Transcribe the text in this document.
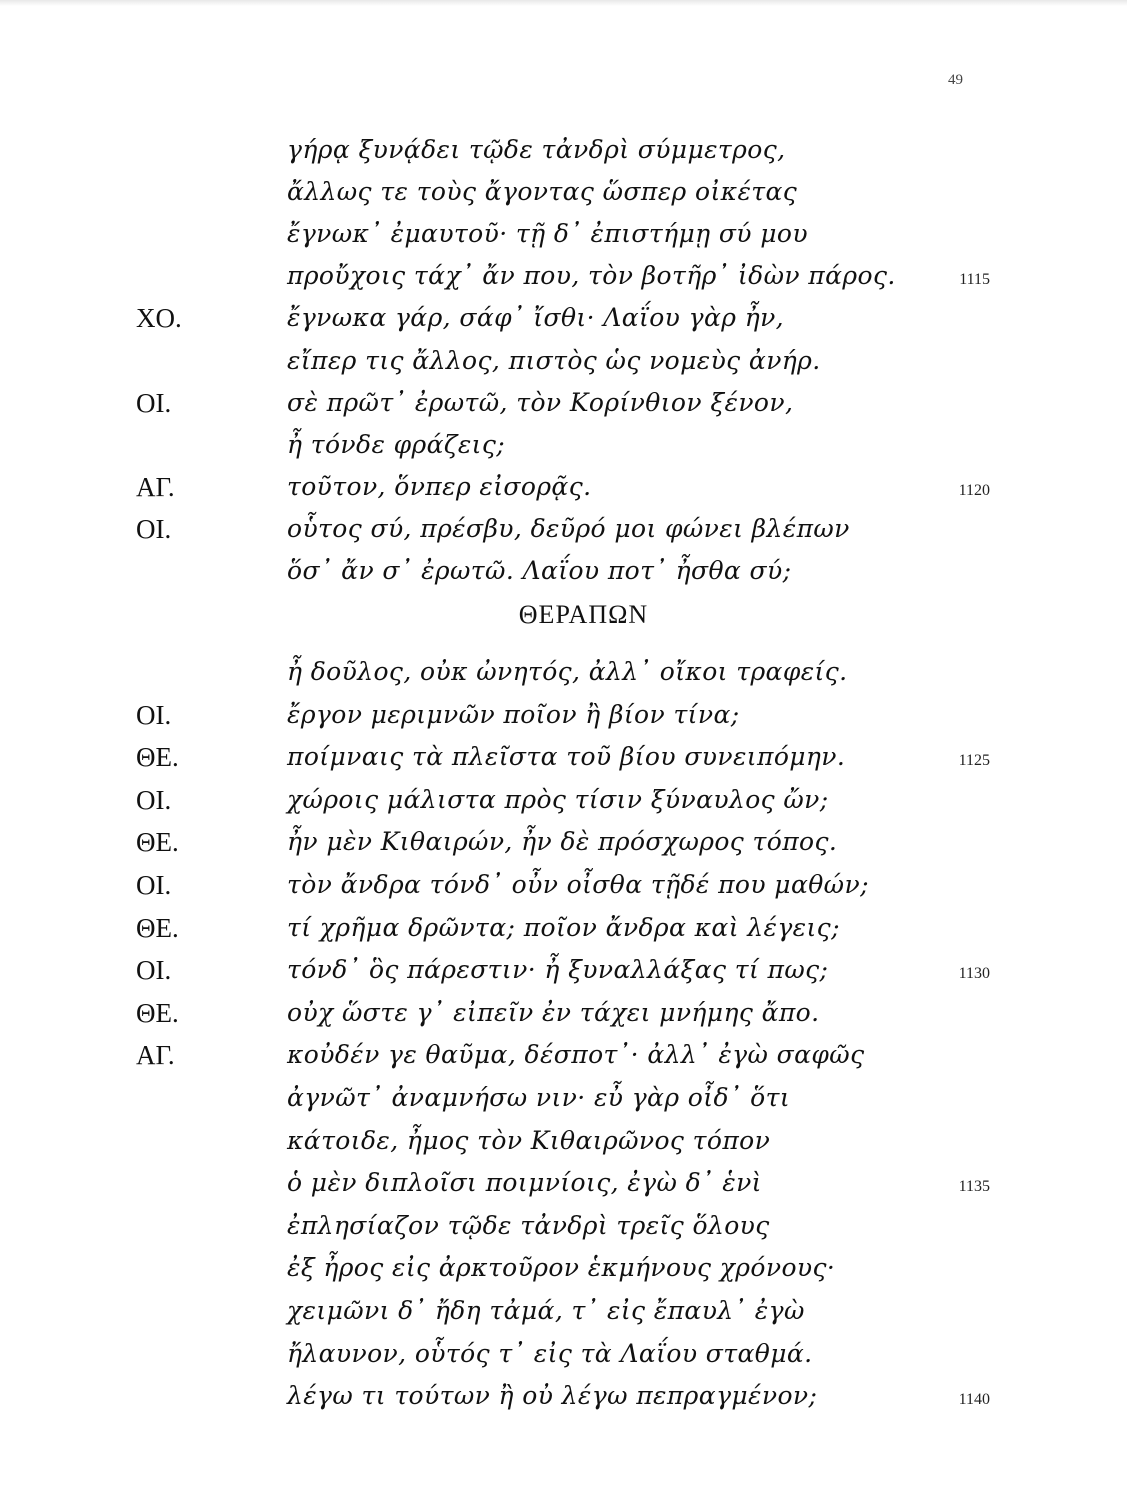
49
γήρᾳ ξυνᾴδει τῷδε τἀνδρὶ σύμμετρος,
ἄλλως τε τοὺς ἄγοντας ὥσπερ οἰκέτας
ἔγνωκ᾽ ἐμαυτοῦ· τῇ δ᾽ ἐπιστήμῃ σύ μου
προὔχοις τάχ᾽ ἄν που, τὸν βοτῆρ᾽ ἰδὼν πάρος.	1115
ΧΟ.	ἔγνωκα γάρ, σάφ᾽ ἴσθι· Λαΐου γὰρ ἦν,
εἴπερ τις ἄλλος, πιστὸς ὡς νομεὺς ἀνήρ.
ΟΙ.	σὲ πρῶτ᾽ ἐρωτῶ, τὸν Κορίνθιον ξένον,
ἦ τόνδε φράζεις;
ΑΓ.	τοῦτον, ὅνπερ εἰσορᾷς.	1120
ΟΙ.	οὗτος σύ, πρέσβυ, δεῦρό μοι φώνει βλέπων
ὅσ᾽ ἄν σ᾽ ἐρωτῶ. Λαΐου ποτ᾽ ἦσθα σύ;
ΘΕΡΑΠΩΝ
ἦ δοῦλος, οὐκ ὠνητός, ἀλλ᾽ οἴκοι τραφείς.
ΟΙ.	ἔργον μεριμνῶν ποῖον ἢ βίον τίνα;
ΘΕ.	ποίμναις τὰ πλεῖστα τοῦ βίου συνειπόμην.	1125
ΟΙ.	χώροις μάλιστα πρὸς τίσιν ξύναυλος ὤν;
ΘΕ.	ἦν μὲν Κιθαιρών, ἦν δὲ πρόσχωρος τόπος.
ΟΙ.	τὸν ἄνδρα τόνδ᾽ οὖν οἶσθα τῇδέ που μαθών;
ΘΕ.	τί χρῆμα δρῶντα; ποῖον ἄνδρα καὶ λέγεις;
ΟΙ.	τόνδ᾽ ὃς πάρεστιν· ἦ ξυναλλάξας τί πως;	1130
ΘΕ.	οὐχ ὥστε γ᾽ εἰπεῖν ἐν τάχει μνήμης ἄπο.
ΑΓ.	κοὐδέν γε θαῦμα, δέσποτ᾽· ἀλλ᾽ ἐγὼ σαφῶς
ἀγνῶτ᾽ ἀναμνήσω νιν· εὖ γὰρ οἶδ᾽ ὅτι
κάτοιδε, ἦμος τὸν Κιθαιρῶνος τόπον
ὁ μὲν διπλοῖσι ποιμνίοις, ἐγὼ δ᾽ ἑνὶ	1135
ἐπλησίαζον τῷδε τἀνδρὶ τρεῖς ὅλους
ἐξ ἦρος εἰς ἀρκτοῦρον ἑκμήνους χρόνους·
χειμῶνι δ᾽ ἤδη τἀμά, τ᾽ εἰς ἔπαυλ᾽ ἐγὼ
ἤλαυνον, οὗτός τ᾽ εἰς τὰ Λαΐου σταθμά.
λέγω τι τούτων ἢ οὐ λέγω πεπραγμένον;	1140
